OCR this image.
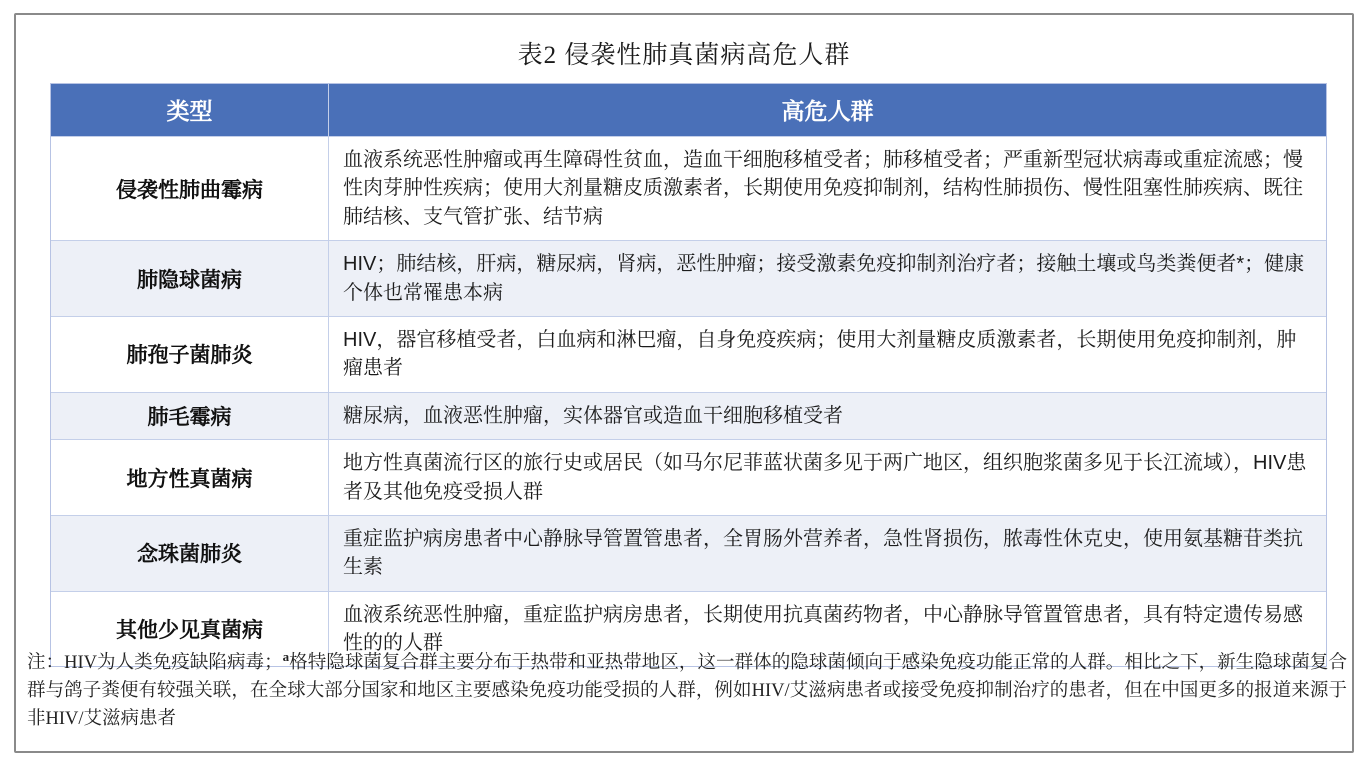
表2 侵袭性肺真菌病高危人群
类型	高危人群
侵袭性肺曲霉病
血液系统恶性肿瘤或再生障碍性贫血，造血干细胞移植受者；肺移植受者；严重新型冠状病毒或重症流感；慢性肉芽肿性疾病；使用大剂量糖皮质激素者，长期使用免疫抑制剂，结构性肺损伤、慢性阻塞性肺疾病、既往肺结核、支气管扩张、结节病
肺隐球菌病
HIV；肺结核，肝病，糖尿病，肾病，恶性肿瘤；接受激素免疫抑制剂治疗者；接触土壤或鸟类粪便者*；健康个体也常罹患本病
肺孢子菌肺炎
HIV，器官移植受者，白血病和淋巴瘤，自身免疫疾病；使用大剂量糖皮质激素者，长期使用免疫抑制剂，肿瘤患者
肺毛霉病	糖尿病，血液恶性肿瘤，实体器官或造血干细胞移植受者
地方性真菌病
地方性真菌流行区的旅行史或居民（如马尔尼菲蓝状菌多见于两广地区，组织胞浆菌多见于长江流域），HIV患者及其他免疫受损人群
念珠菌肺炎
重症监护病房患者中心静脉导管置管患者，全胃肠外营养者，急性肾损伤，脓毒性休克史，使用氨基糖苷类抗生素
其他少见真菌病
血液系统恶性肿瘤，重症监护病房患者，长期使用抗真菌药物者，中心静脉导管置管患者，具有特定遗传易感性的的人群
注：HIV为人类免疫缺陷病毒；$^a$格特隐球菌复合群主要分布于热带和亚热带地区，这一群体的隐球菌倾向于感染免疫功能正常的人群。相比之下，新生隐球菌复合群与鸽子粪便有较强关联，在全球大部分国家和地区主要感染免疫功能受损的人群，例如HIV/艾滋病患者或接受免疫抑制治疗的患者，但在中国更多的报道来源于非HIV/艾滋病患者
